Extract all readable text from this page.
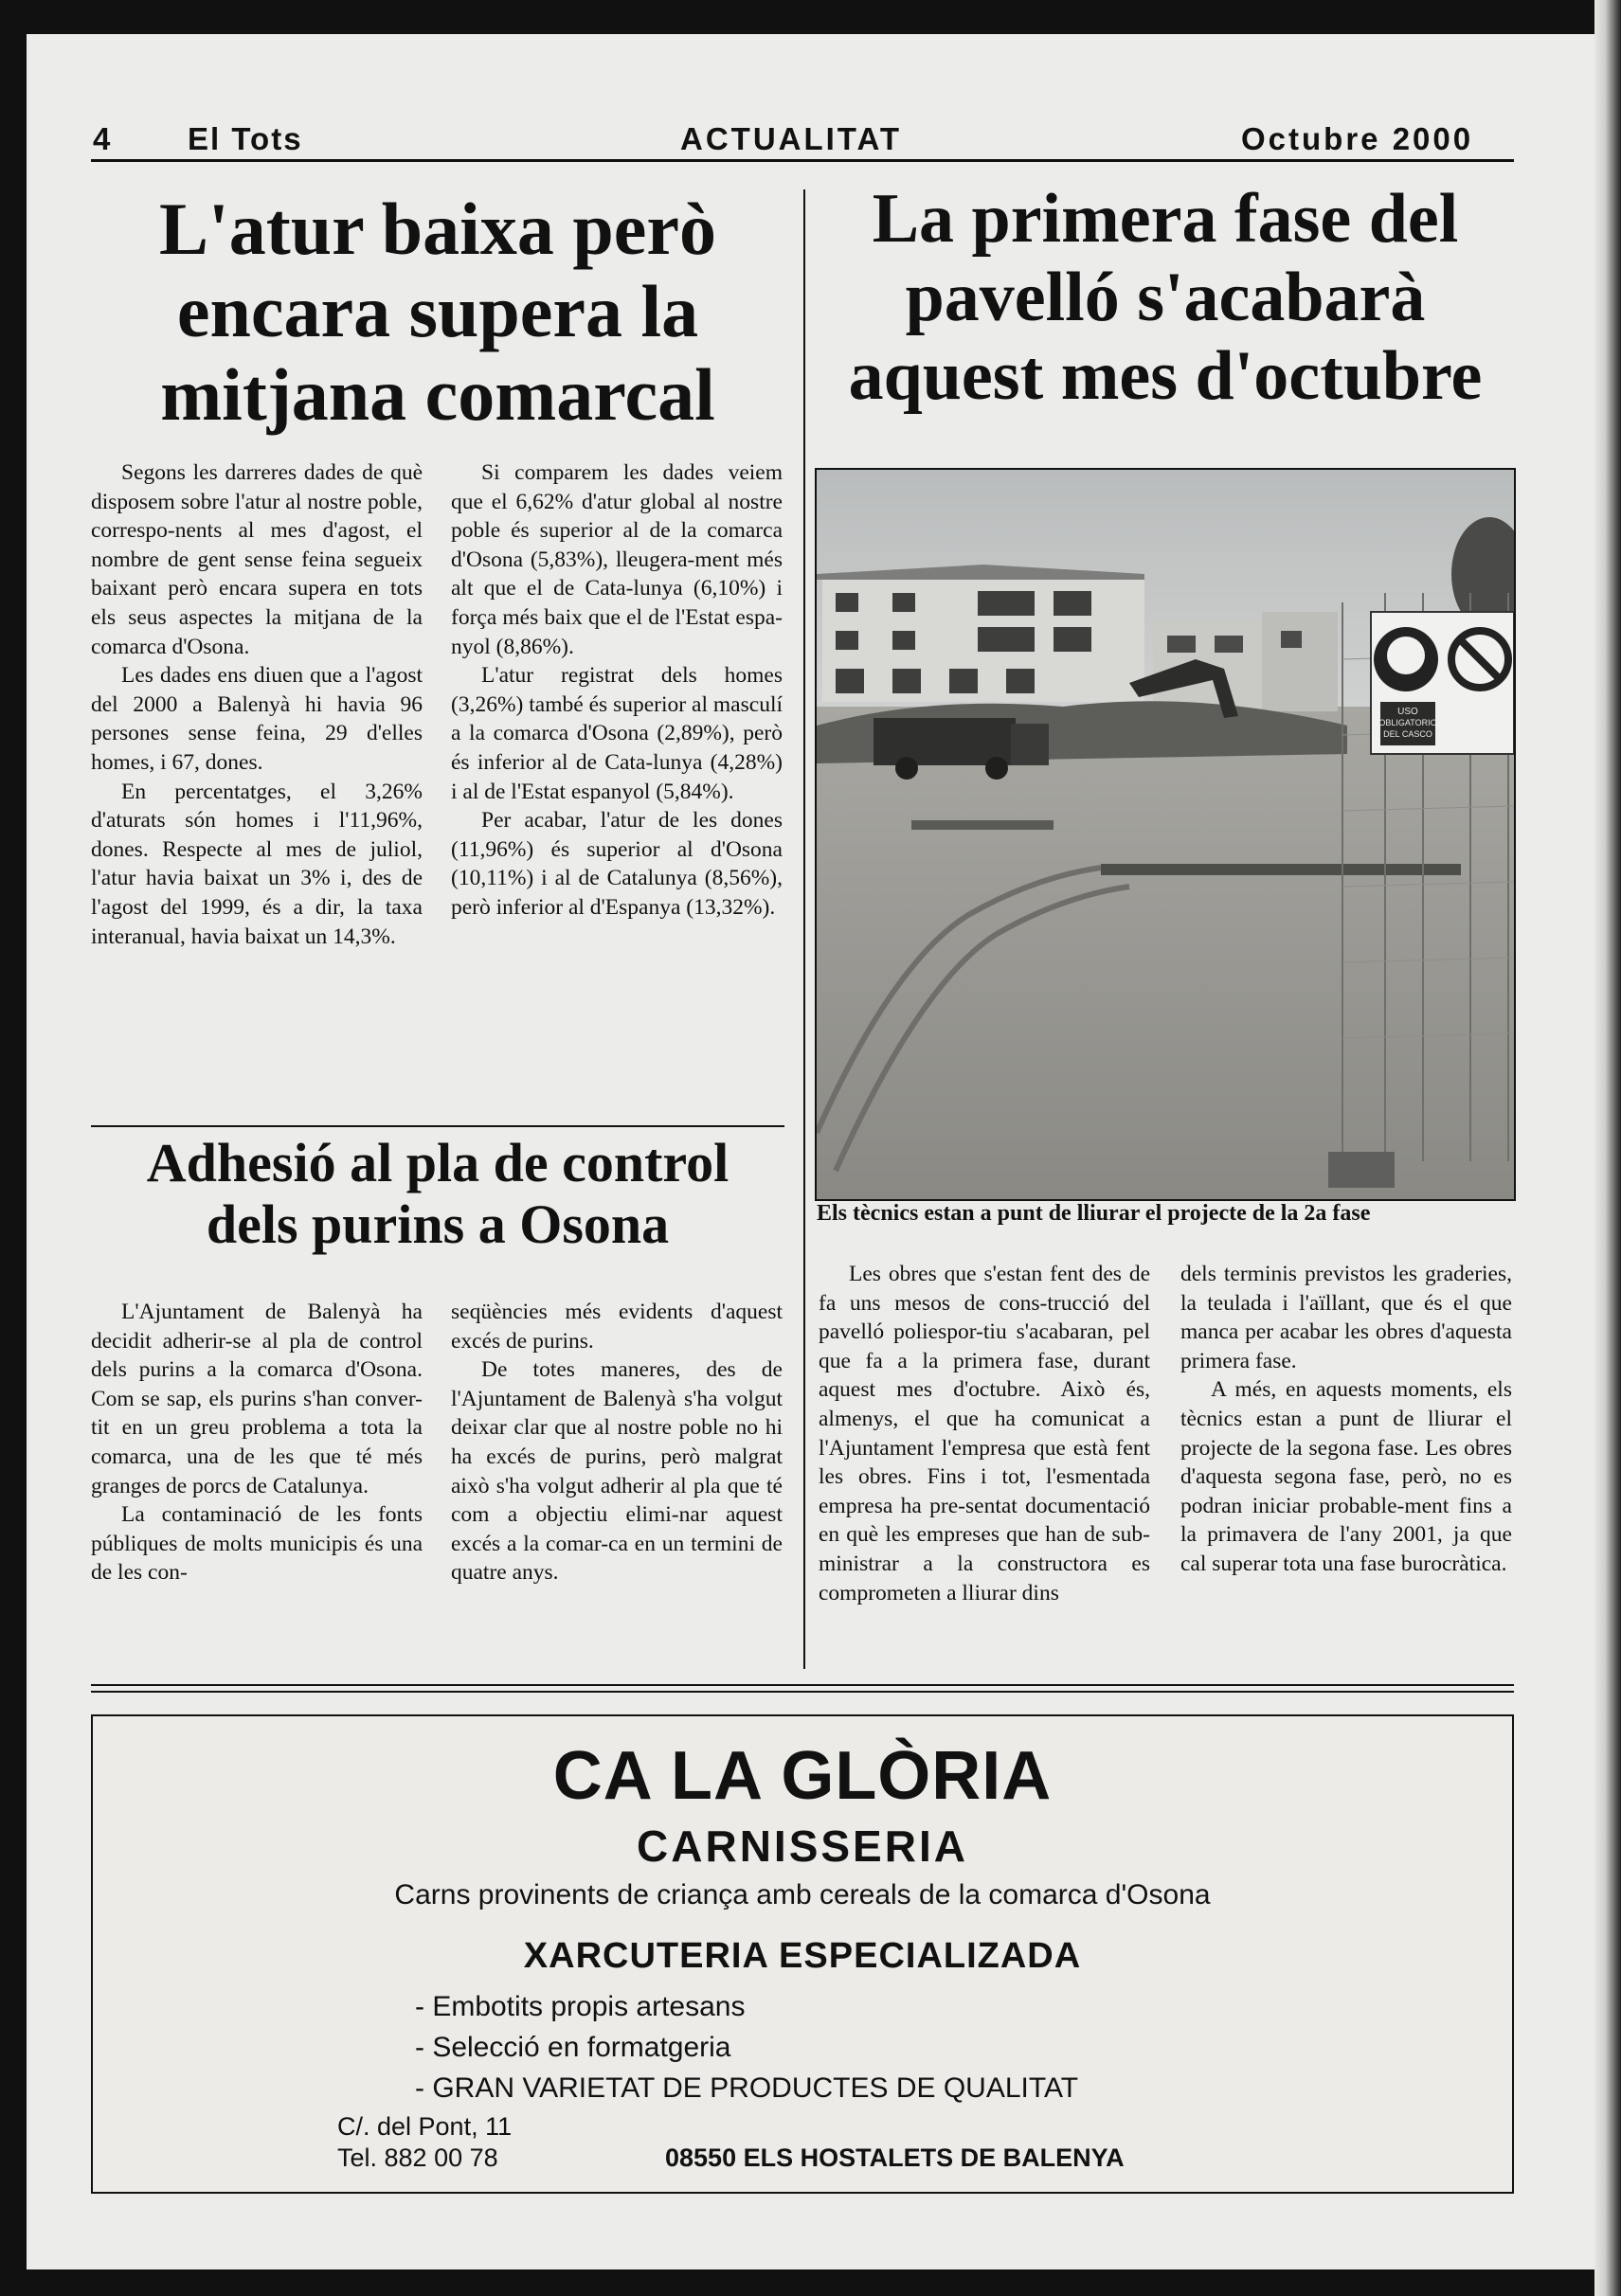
4 El Tots	ACTUALITAT	Octubre 2000
L'atur baixa però
encara supera la
mitjana comarcal

Segons les darreres dades de què disposem sobre l'atur al nostre poble, correspo-nents al mes d'agost, el nombre de gent sense feina segueix baixant però encara supera en tots els seus aspectes la mitjana de la comarca d'Osona.

Les dades ens diuen que a l'agost del 2000 a Balenyà hi havia 96 persones sense feina, 29 d'elles homes, i 67, dones.

En percentatges, el 3,26% d'aturats són homes i l'11,96%, dones. Respecte al mes de juliol, l'atur havia baixat un 3% i, des de l'agost del 1999, és a dir, la taxa interanual, havia baixat un 14,3%.

Si comparem les dades veiem que el 6,62% d'atur global al nostre poble és superior al de la comarca d'Osona (5,83%), lleugera-ment més alt que el de Cata-lunya (6,10%) i força més baix que el de l'Estat espa-nyol (8,86%).

L'atur registrat dels homes (3,26%) també és superior al masculí a la comarca d'Osona (2,89%), però és inferior al de Cata-lunya (4,28%) i al de l'Estat espanyol (5,84%).

Per acabar, l'atur de les dones (11,96%) és superior al d'Osona (10,11%) i al de Catalunya (8,56%), però inferior al d'Espanya (13,32%).

Adhesió al pla de control
dels purins a Osona

L'Ajuntament de Balenyà ha decidit adherir-se al pla de control dels purins a la comarca d'Osona. Com se sap, els purins s'han conver-tit en un greu problema a tota la comarca, una de les que té més granges de porcs de Catalunya.

La contaminació de les fonts públiques de molts municipis és una de les con-

seqüències més evidents d'aquest excés de purins.

De totes maneres, des de l'Ajuntament de Balenyà s'ha volgut deixar clar que al nostre poble no hi ha excés de purins, però malgrat això s'ha volgut adherir al pla que té com a objectiu elimi-nar aquest excés a la comar-ca en un termini de quatre anys.

La primera fase del
pavelló s'acabarà
aquest mes d'octubre
USO
OBLIGATORIO
DEL CASCO
Els tècnics estan a punt de lliurar el projecte de la 2a fase

Les obres que s'estan fent des de fa uns mesos de cons-trucció del pavelló poliespor-tiu s'acabaran, pel que fa a la primera fase, durant aquest mes d'octubre. Això és, almenys, el que ha comunicat a l'Ajuntament l'empresa que està fent les obres. Fins i tot, l'esmentada empresa ha pre-sentat documentació en què les empreses que han de sub-ministrar a la constructora es comprometen a lliurar dins

dels terminis previstos les graderies, la teulada i l'aïllant, que és el que manca per acabar les obres d'aquesta primera fase.

A més, en aquests moments, els tècnics estan a punt de lliurar el projecte de la segona fase. Les obres d'aquesta segona fase, però, no es podran iniciar probable-ment fins a la primavera de l'any 2001, ja que cal superar tota una fase burocràtica.

CA LA GLÒRIA
CARNISSERIA
Carns provinents de criança amb cereals de la comarca d'Osona
XARCUTERIA ESPECIALIZADA
- Embotits propis artesans
- Selecció en formatgeria
- GRAN VARIETAT DE PRODUCTES DE QUALITAT
C/. del Pont, 11
Tel. 882 00 78	08550 ELS HOSTALETS DE BALENYA
